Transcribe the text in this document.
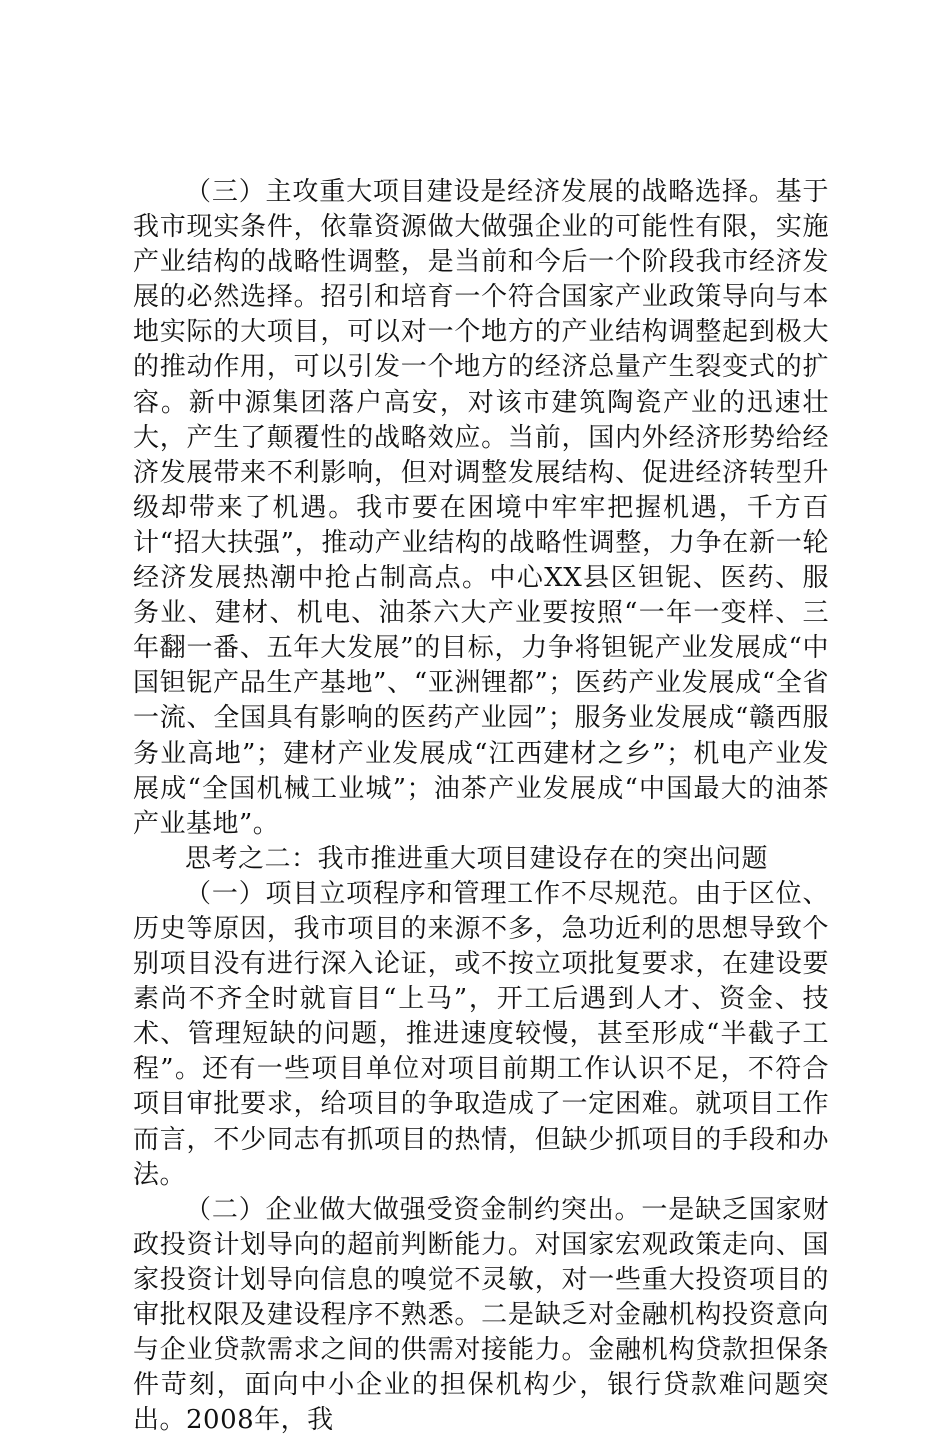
（三）主攻重大项目建设是经济发展的战略选择。基于我市现实条件，依靠资源做大做强企业的可能性有限，实施产业结构的战略性调整，是当前和今后一个阶段我市经济发展的必然选择。招引和培育一个符合国家产业政策导向与本地实际的大项目，可以对一个地方的产业结构调整起到极大的推动作用，可以引发一个地方的经济总量产生裂变式的扩容。新中源集团落户高安，对该市建筑陶瓷产业的迅速壮大，产生了颠覆性的战略效应。当前，国内外经济形势给经济发展带来不利影响，但对调整发展结构、促进经济转型升级却带来了机遇。我市要在困境中牢牢把握机遇，千方百计“招大扶强”，推动产业结构的战略性调整，力争在新一轮经济发展热潮中抢占制高点。中心XX县区钽铌、医药、服务业、建材、机电、油茶六大产业要按照“一年一变样、三年翻一番、五年大发展”的目标，力争将钽铌产业发展成“中国钽铌产品生产基地”、“亚洲锂都”；医药产业发展成“全省一流、全国具有影响的医药产业园”；服务业发展成“赣西服务业高地”；建材产业发展成“江西建材之乡”；机电产业发展成“全国机械工业城”；油茶产业发展成“中国最大的油茶产业基地”。

思考之二：我市推进重大项目建设存在的突出问题

（一）项目立项程序和管理工作不尽规范。由于区位、历史等原因，我市项目的来源不多，急功近利的思想导致个别项目没有进行深入论证，或不按立项批复要求，在建设要素尚不齐全时就盲目“上马”，开工后遇到人才、资金、技术、管理短缺的问题，推进速度较慢，甚至形成“半截子工程”。还有一些项目单位对项目前期工作认识不足，不符合项目审批要求，给项目的争取造成了一定困难。就项目工作而言，不少同志有抓项目的热情，但缺少抓项目的手段和办法。

（二）企业做大做强受资金制约突出。一是缺乏国家财政投资计划导向的超前判断能力。对国家宏观政策走向、国家投资计划导向信息的嗅觉不灵敏，对一些重大投资项目的审批权限及建设程序不熟悉。二是缺乏对金融机构投资意向与企业贷款需求之间的供需对接能力。金融机构贷款担保条件苛刻，面向中小企业的担保机构少，银行贷款难问题突出。2008年，我
